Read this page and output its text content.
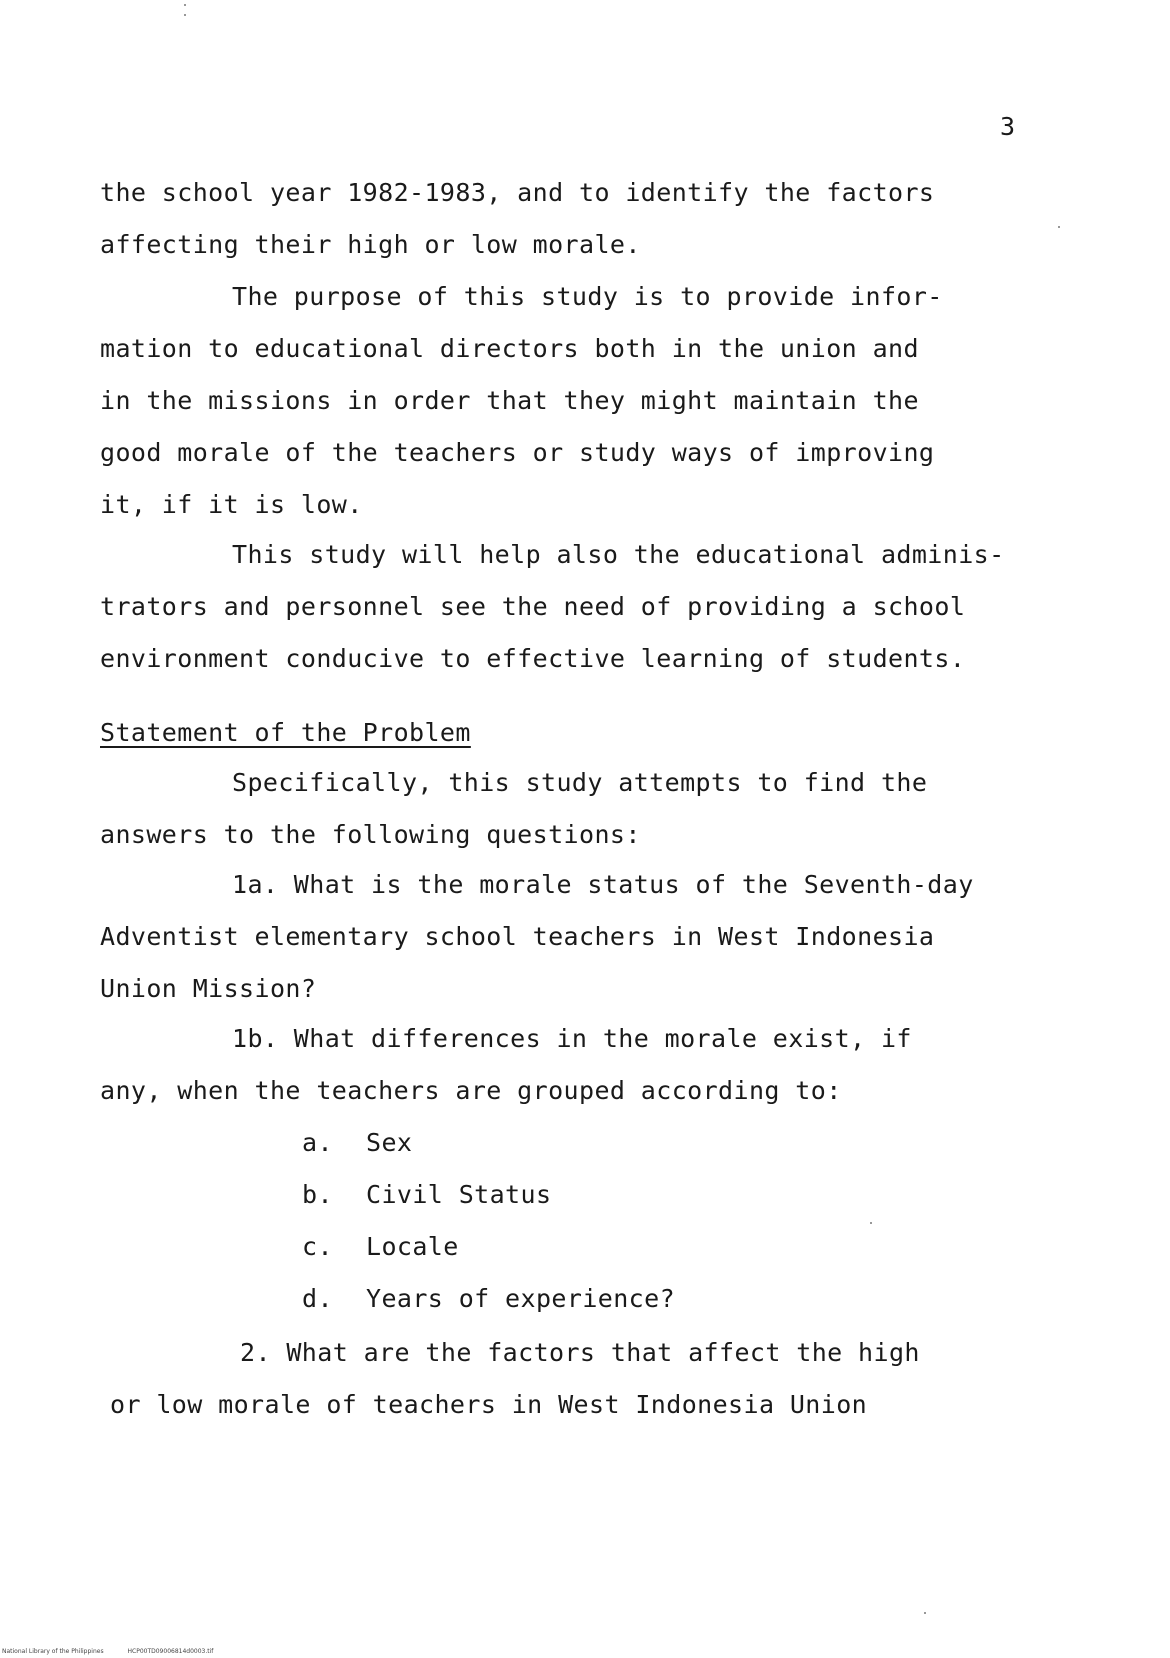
3
the school year 1982-1983, and to identify the factors
affecting their high or low morale.
The purpose of this study is to provide infor-
mation to educational directors both in the union and
in the missions in order that they might maintain the
good morale of the teachers or study ways of improving
it, if it is low.
This study will help also the educational adminis-
trators and personnel see the need of providing a school
environment conducive to effective learning of students.
Statement of the Problem
Specifically, this study attempts to find the
answers to the following questions:
1a. What is the morale status of the Seventh-day
Adventist elementary school teachers in West Indonesia
Union Mission?
1b. What differences in the morale exist, if
any, when the teachers are grouped according to:
a. Sex
b. Civil Status
c. Locale
d. Years of experience?
2. What are the factors that affect the high
or low morale of teachers in West Indonesia Union
National Library of the Philippines	HCP00TD09006814d0003.tif
